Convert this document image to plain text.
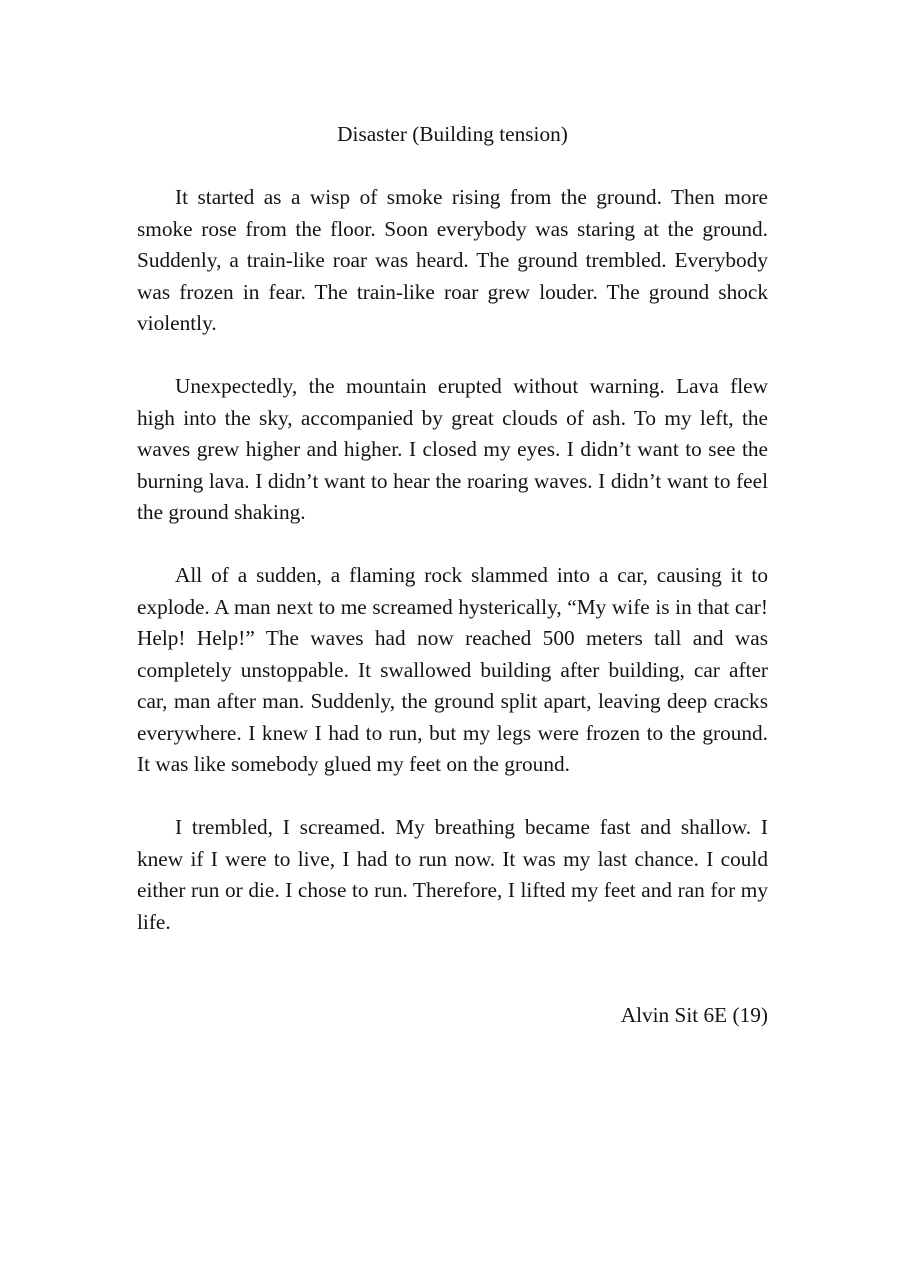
Disaster (Building tension)

It started as a wisp of smoke rising from the ground. Then more smoke rose from the floor. Soon everybody was staring at the ground. Suddenly, a train-like roar was heard. The ground trembled. Everybody was frozen in fear. The train-like roar grew louder. The ground shock violently.

Unexpectedly, the mountain erupted without warning. Lava flew high into the sky, accompanied by great clouds of ash. To my left, the waves grew higher and higher. I closed my eyes. I didn’t want to see the burning lava. I didn’t want to hear the roaring waves. I didn’t want to feel the ground shaking.

All of a sudden, a flaming rock slammed into a car, causing it to explode. A man next to me screamed hysterically, “My wife is in that car! Help! Help!” The waves had now reached 500 meters tall and was completely unstoppable. It swallowed building after building, car after car, man after man. Suddenly, the ground split apart, leaving deep cracks everywhere. I knew I had to run, but my legs were frozen to the ground. It was like somebody glued my feet on the ground.

I trembled, I screamed. My breathing became fast and shallow. I knew if I were to live, I had to run now. It was my last chance. I could either run or die. I chose to run. Therefore, I lifted my feet and ran for my life.

Alvin Sit 6E (19)
